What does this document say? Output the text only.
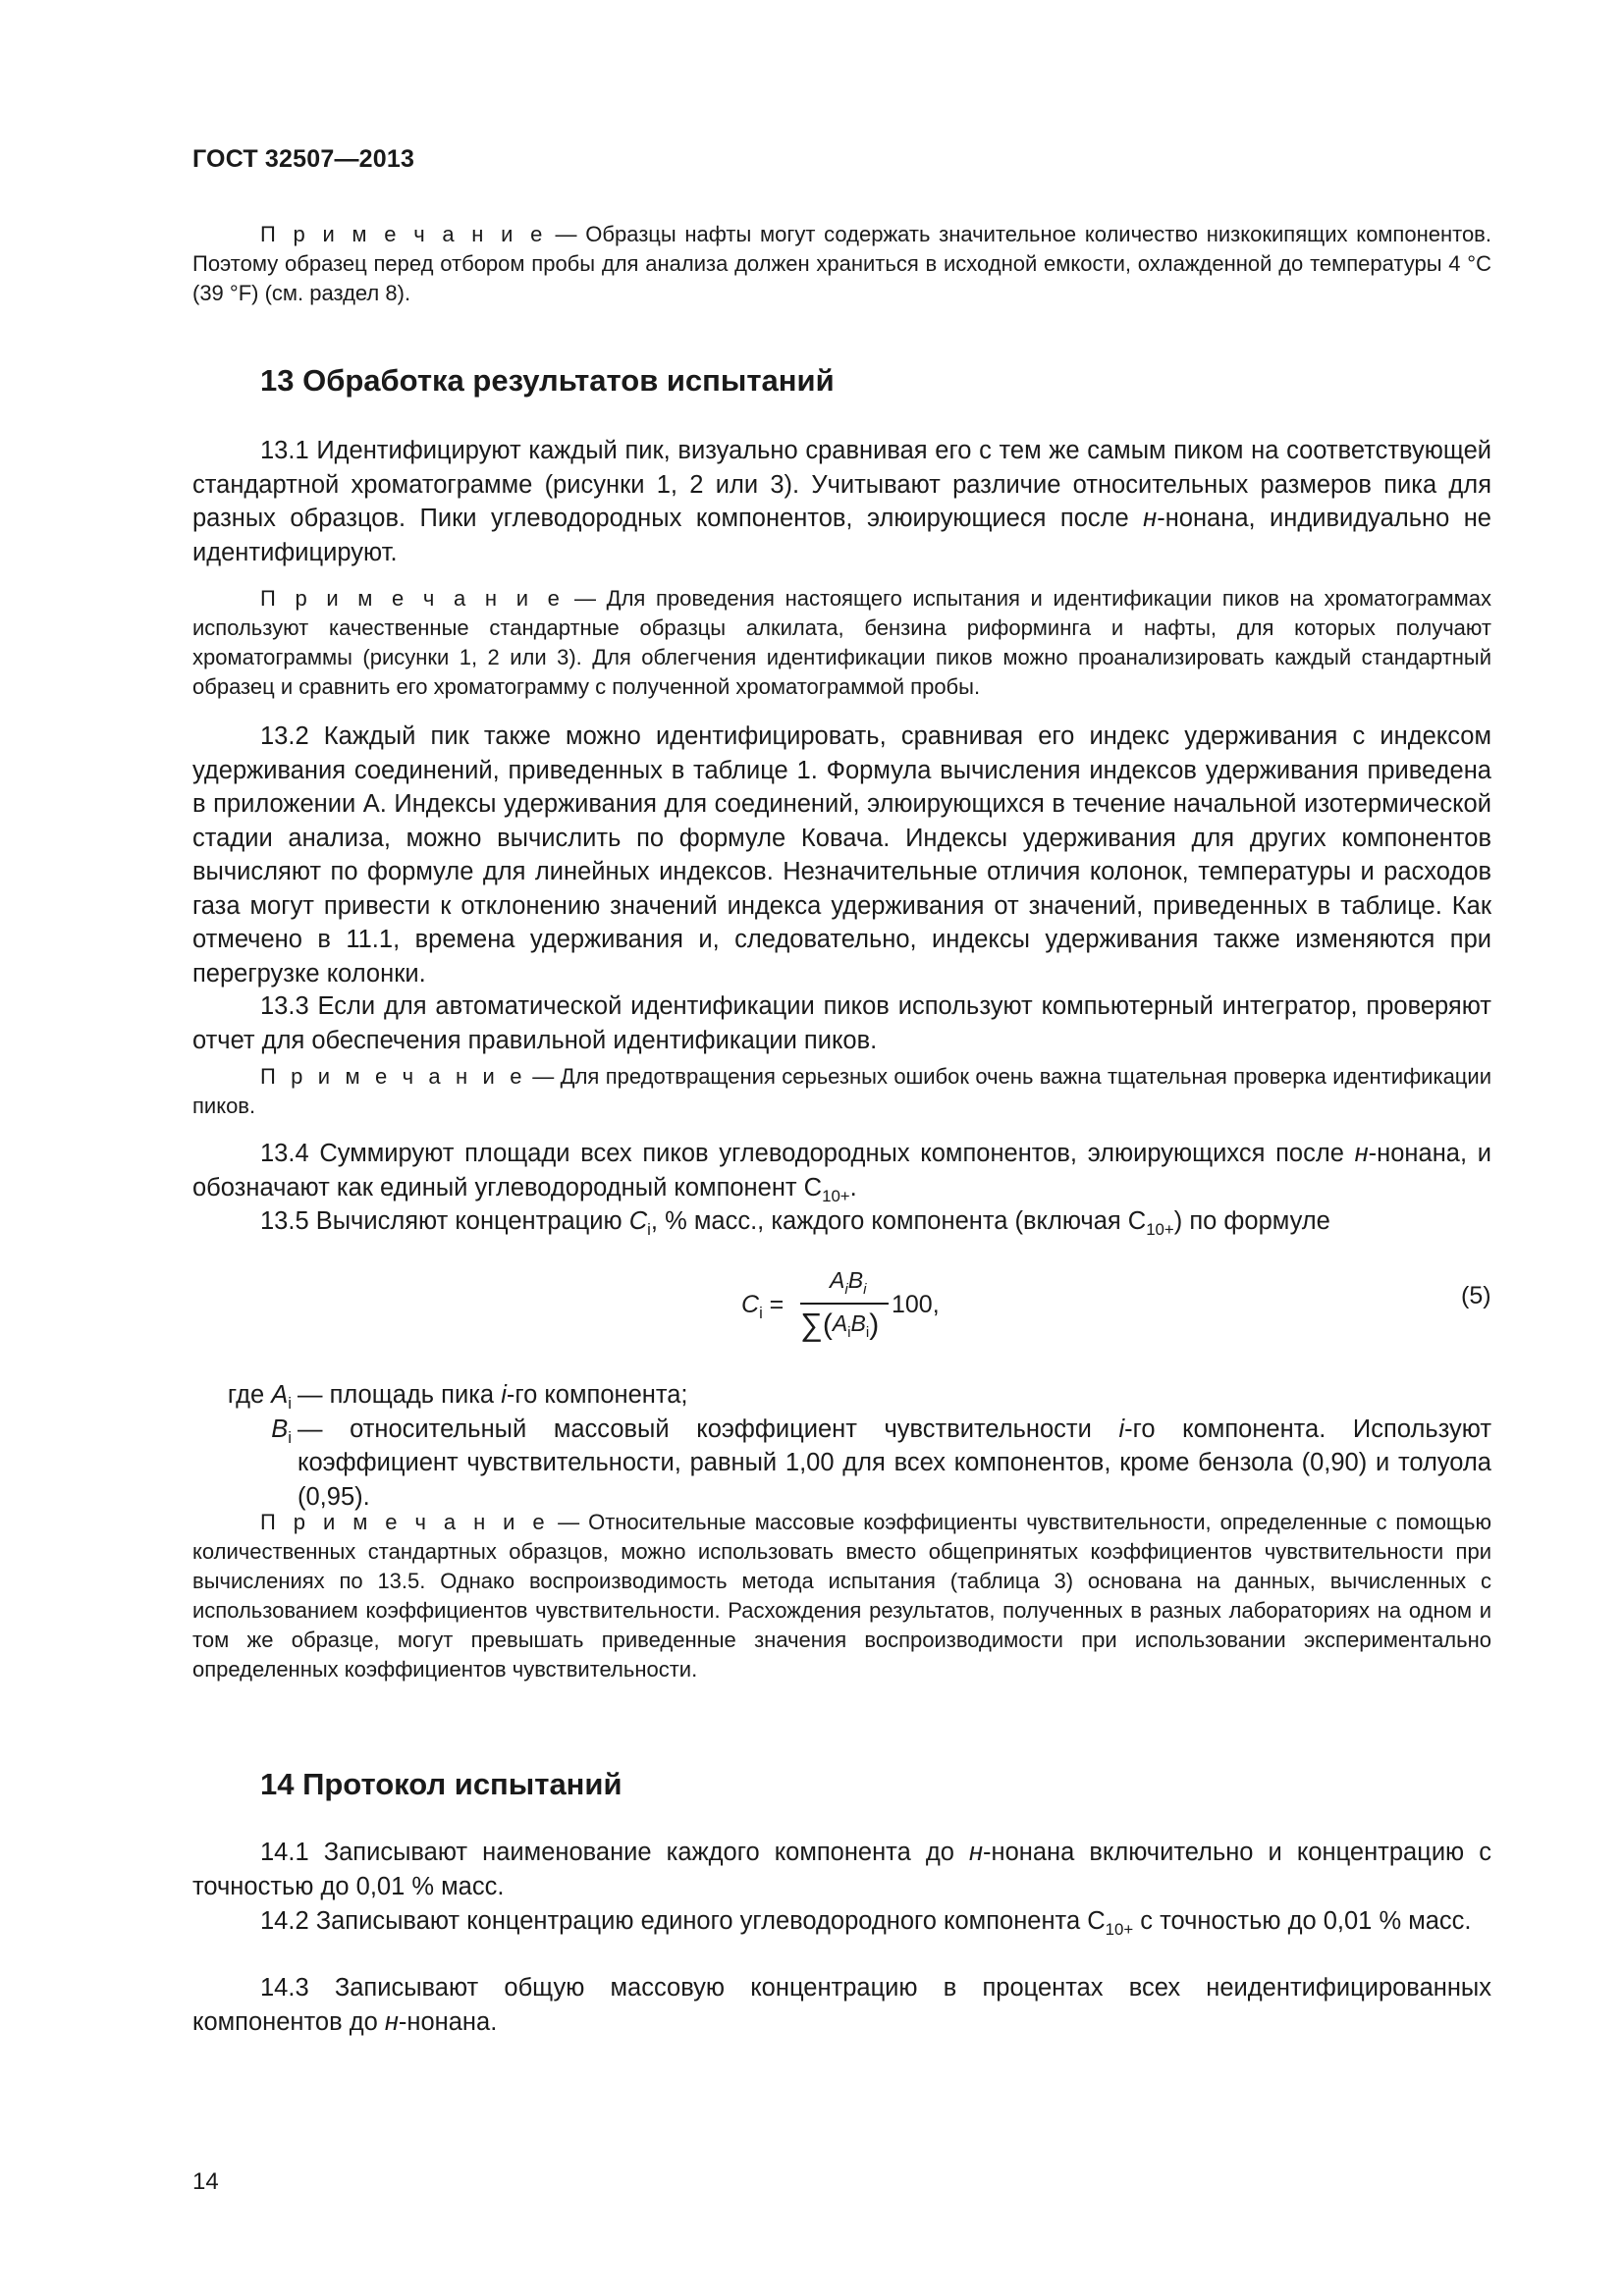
ГОСТ 32507—2013

П р и м е ч а н и е — Образцы нафты могут содержать значительное количество низкокипящих компонентов. Поэтому образец перед отбором пробы для анализа должен храниться в исходной емкости, охлажденной до температуры 4 °С (39 °F) (см. раздел 8).

13 Обработка результатов испытаний

13.1 Идентифицируют каждый пик, визуально сравнивая его с тем же самым пиком на соответствующей стандартной хроматограмме (рисунки 1, 2 или 3). Учитывают различие относительных размеров пика для разных образцов. Пики углеводородных компонентов, элюирующиеся после н-нонана, индивидуально не идентифицируют.

П р и м е ч а н и е — Для проведения настоящего испытания и идентификации пиков на хроматограммах используют качественные стандартные образцы алкилата, бензина риформинга и нафты, для которых получают хроматограммы (рисунки 1, 2 или 3). Для облегчения идентификации пиков можно проанализировать каждый стандартный образец и сравнить его хроматограмму с полученной хроматограммой пробы.

13.2 Каждый пик также можно идентифицировать, сравнивая его индекс удерживания с индексом удерживания соединений, приведенных в таблице 1. Формула вычисления индексов удерживания приведена в приложении А. Индексы удерживания для соединений, элюирующихся в течение начальной изотермической стадии анализа, можно вычислить по формуле Ковача. Индексы удерживания для других компонентов вычисляют по формуле для линейных индексов. Незначительные отличия колонок, температуры и расходов газа могут привести к отклонению значений индекса удерживания от значений, приведенных в таблице. Как отмечено в 11.1, времена удерживания и, следовательно, индексы удерживания также изменяются при перегрузке колонки.

13.3 Если для автоматической идентификации пиков используют компьютерный интегратор, проверяют отчет для обеспечения правильной идентификации пиков.

П р и м е ч а н и е — Для предотвращения серьезных ошибок очень важна тщательная проверка идентификации пиков.

13.4 Суммируют площади всех пиков углеводородных компонентов, элюирующихся после н-нонана, и обозначают как единый углеводородный компонент $С_{10+}$.

13.5 Вычисляют концентрацию $C_i$, % масс., каждого компонента (включая $С_{10+}$) по формуле

$C_i$ =
$A_iB_i$
$\sum(A_iB_i)$
100,	(5)
где $A_i$ — площадь пика i-го компонента;
$B_i$ — относительный массовый коэффициент чувствительности i-го компонента. Используют коэффициент чувствительности, равный 1,00 для всех компонентов, кроме бензола (0,90) и толуола (0,95).

П р и м е ч а н и е — Относительные массовые коэффициенты чувствительности, определенные с помощью количественных стандартных образцов, можно использовать вместо общепринятых коэффициентов чувствительности при вычислениях по 13.5. Однако воспроизводимость метода испытания (таблица 3) основана на данных, вычисленных с использованием коэффициентов чувствительности. Расхождения результатов, полученных в разных лабораториях на одном и том же образце, могут превышать приведенные значения воспроизводимости при использовании экспериментально определенных коэффициентов чувствительности.

14 Протокол испытаний

14.1 Записывают наименование каждого компонента до н-нонана включительно и концентрацию с точностью до 0,01 % масс.

14.2 Записывают концентрацию единого углеводородного компонента $С_{10+}$ с точностью до 0,01 % масс.

14.3 Записывают общую массовую концентрацию в процентах всех неидентифицированных компонентов до н-нонана.

14
